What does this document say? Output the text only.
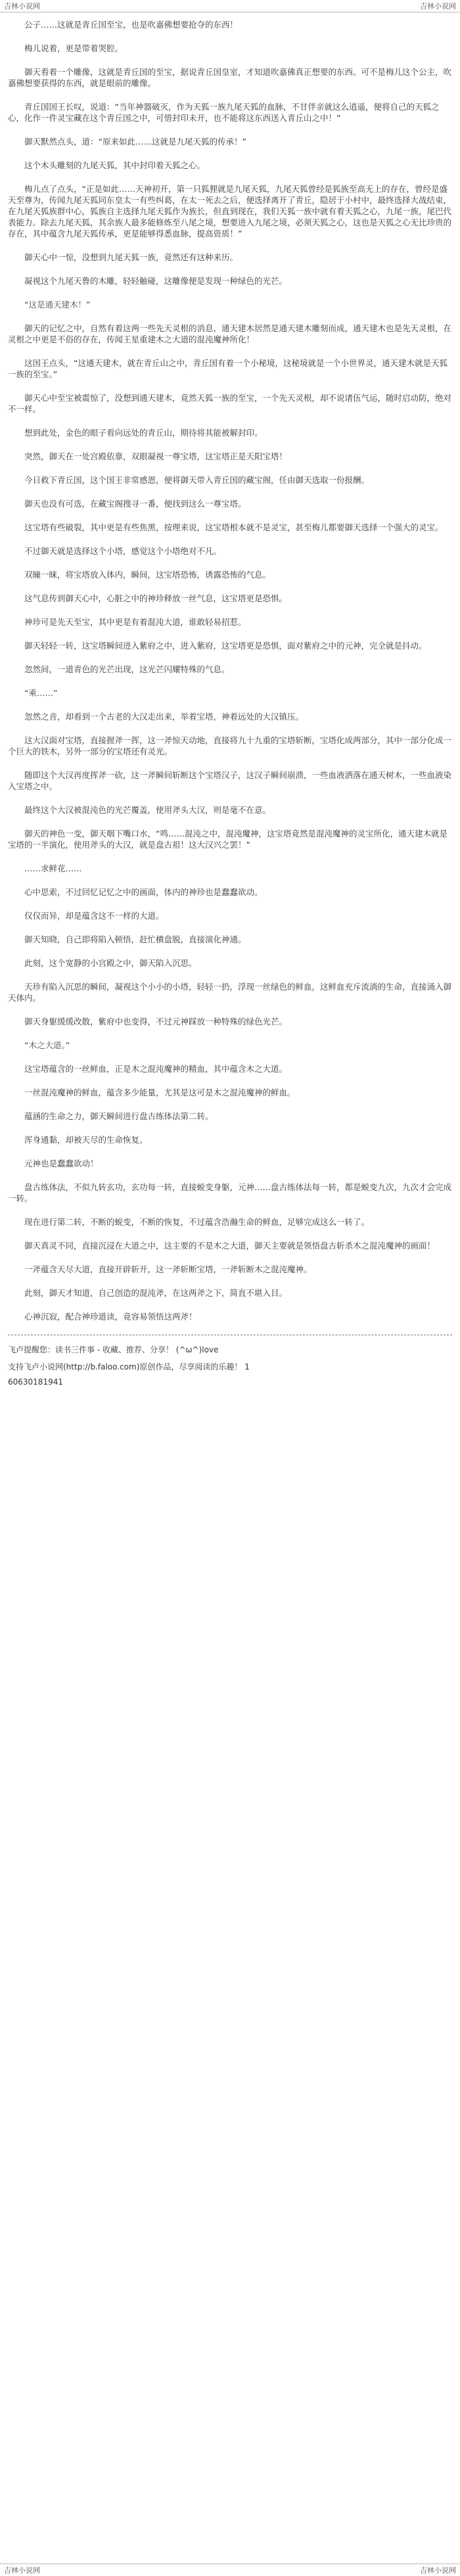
吉林小说网	吉林小说网

公子……这就是青丘国至宝，也是吹嘉佛想要抢夺的东西！

梅儿说着，更是带着哭腔。

御天看着一个雕像，这就是青丘国的至宝，据说青丘国皇室，才知道吹嘉佛真正想要的东西。可不是梅儿这个公主，吹嘉佛想要获得的东西，就是眼前的雕像。

青丘国国王长叹，说道：“当年神器破灭，作为天狐一族九尾天狐的血脉，不甘伴亲就这么逍遥，便将自己的天狐之心，化作一件灵宝藏在这个青丘国之中，可惜封印未开，也不能将这东西送入青丘山之中！”

御天默然点头，道：“原来如此……这就是九尾天狐的传承！”

这个木头雕刻的九尾天狐，其中封印着天狐之心。

梅儿点了点头，“正是如此……天神初开，第一只狐狸就是九尾天狐，九尾天狐曾经是狐族至高无上的存在，曾经是盛天至尊为，传闻九尾天狐同东皇太一有些纠葛，在太一死去之后，便选择离开了青丘，隐居于小村中，最终选择大战结束，在九尾天狐族群中心，狐族自主选择九尾天狐作为族长，但直到现在，我们天狐一族中就有着天狐之心，九尾一族，尾巴代表能力。除去九尾天狐，其余族人最多能修炼至八尾之境，想要进入九尾之境，必须天狐之心，这也是天狐之心无比珍贵的存在，其中蕴含九尾天狐传承，更是能够得悉血脉，提高资质！”

御天心中一惊，没想到九尾天狐一族，竟然还有这种来历。

凝视这个九尾天鲁的木雕，轻轻触碰，这雕像便是发现一种绿色的光芒。

“这是通天建木！”

御天的记忆之中，自然有着这两一些先天灵根的消息，通天建木居然是通天建木雕刻而成，通天建木也是先天灵根，在灵根之中更是不俗的存在，传闻王星重建木之大道的混沌魔神所化！

这国王点头，“这通天建木，就在青丘山之中，青丘国有着一个小秘境，这秘境就是一个小世界灵，通天建木就是天狐一族的至宝。”

御天心中至宝被震惊了，没想到通天建木，竟然天狐一族的至宝，一个先天灵根，却不说诸伍气运，随时启动防，绝对不一样。

想到此处，金色的眼子看向远处的青丘山，期待将其能被解封印。

突然，御天在一处宫殿依靠，双眼凝视一尊宝塔，这宝塔正是天阳宝塔！

今日救下青丘国，这个国王非常感恩，便将御天带入青丘国的藏宝阁，任由御天选取一份报酬。

御天也没有可选，在藏宝阁搜寻一番，便找到这么一尊宝塔。

这宝塔有些破裂，其中更是有些焦黑，按理来说，这宝塔根本就不是灵宝，甚至梅儿都要御天选择一个强大的灵宝。

不过御天就是选择这个小塔，感觉这个小塔绝对不凡。

双瞳一睐，将宝塔放入体内，瞬间，这宝塔恐怖，诱露恐怖的气息。

这气息传到御天心中，心脏之中的神珍释放一丝气息，这宝塔更是恐惧。

神珍可是先天至宝，其中更是有着混沌大道，谁敢轻易招惹。

御天轻轻一转，这宝塔瞬间进入紫府之中，进入紫府，这宝塔更是恐惧，面对紫府之中的元神，完全就是抖动。

忽然间，一道青色的光芒出现，这光芒闪耀特殊的气息。

“乘……”

忽然之音，却看到一个古老的大汉走出来，举着宝塔，神着远处的大汉镇压。

这大汉面对宝塔，直接握斧一挥，这一斧惊天动地，直接将九十九重的宝塔斩断，宝塔化成两部分，其中一部分化成一个巨大的铁木，另外一部分的宝塔还有灵光。

随即这个大汉再度挥斧一砍，这一斧瞬间斩断这个宝塔汉子，这汉子瞬间崩溃，一些血液洒落在通天树木，一些血液染入宝塔之中。

最终这个大汉被混沌色的光芒覆盖，使用斧头大汉，则是毫不在意。

御天的神色一变，御天咽下嘴口水，“鸣……混沌之中，混沌魔神，这宝塔竟然是混沌魔神的灵宝所化，通天建木就是宝塔的一半演化，使用斧头的大汉，就是盘古祖！这大汉兴之罢！”

……求鲜花……

心中思索，不过回忆记忆之中的画面，体内的神珍也是蠢蠢欲动。

仅仅而异，却是蕴含这不一样的大道。

御天知晓，自己即将陷入顿悟，赶忙横盘脱，直接演化神通。

此刻，这个宽静的小宫殿之中，御天陷入沉思。

天珍有陷入沉思的瞬间，凝视这个小小的小塔，轻轻一扔，浮现一丝绿色的鲜血，这鲜血充斥流淌的生命，直接涌入御天体内。

御天身躯缓缓改散，紫府中也变得，不过元神踩放一种特殊的绿色光芒。

“木之大道。”

这宝塔蕴含的一丝鲜血，正是木之混沌魔神的精血，其中蕴含木之大道。

一丝混沌魔神的鲜血，蕴含多少能量，尤其是这可是木之混沌魔神的鲜血。

蕴涵的生命之力，御天瞬间进行盘古练体法第二转。

浑身通黏，却被天尽的生命恢复。

元神也是蠢蠢欲动！

盘古练体法，不似九转玄功，玄功每一转，直接蜕变身躯，元神……盘古练体法每一转，都是蜕变九次，九次才会完成一转。

现在进行第二转，不断的蜕变，不断的恢复，不过蕴含浩瀚生命的鲜血，足够完成这么一转了。

御天真灵不同，直接沉浸在大道之中，这主要的不是木之大道，御天主要就是领悟盘古斩杀木之混沌魔神的画面！

一斧蕴含天尽大道，直接开辟斩开，这一斧斩断宝塔，一斧斩断木之混沌魔神。

此刻，御天才知道，自己创造的混沌斧，在这两斧之下，简直不堪入目。

心神沉寂，配合神珍道读，竟容易领悟这两斧！

飞卢提醒您：读书三件事 - 收藏、推荐、分享！ (^ω^)love

支持飞卢小说网(http://b.faloo.com)原创作品，尽享阅读的乐趣！ 1

60630181941

吉林小说网	吉林小说网
